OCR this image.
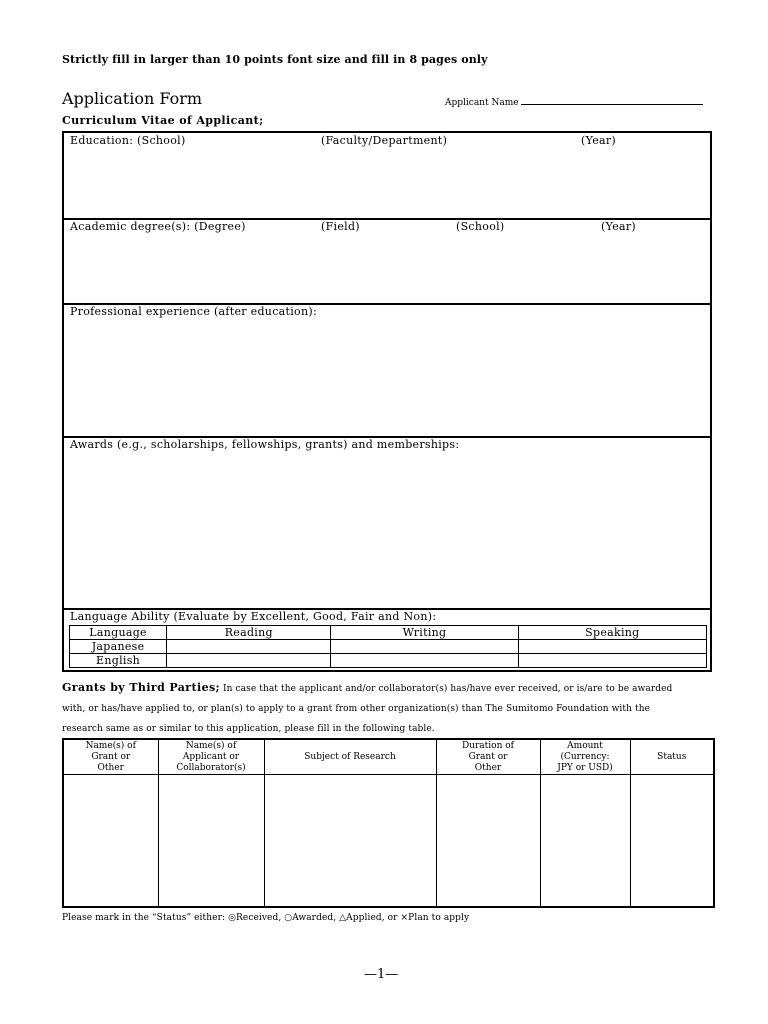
Strictly fill in larger than 10 points font size and fill in 8 pages only
Application Form	Applicant Name
Curriculum Vitae of Applicant;
Education: (School)	(Faculty/Department)	(Year)
Academic degree(s): (Degree)	(Field)	(School)	(Year)
Professional experience (after education):
Awards (e.g., scholarships, fellowships, grants) and memberships:
Language Ability (Evaluate by Excellent, Good, Fair and Non):
Language	Reading	Writing	Speaking
Japanese			
English			
Grants by Third Parties; In case that the applicant and/or collaborator(s) has/have ever received, or is/are to be awarded
with, or has/have applied to, or plan(s) to apply to a grant from other organization(s) than The Sumitomo Foundation with the
research same as or similar to this application, please fill in the following table.
Name(s) of
Grant or
Other	Name(s) of
Applicant or
Collaborator(s)	Subject of Research	Duration of
Grant or
Other	Amount
(Currency:
JPY or USD)	Status

Please mark in the “Status” either: ◎Received, ○Awarded, △Applied, or ×Plan to apply
—1—
